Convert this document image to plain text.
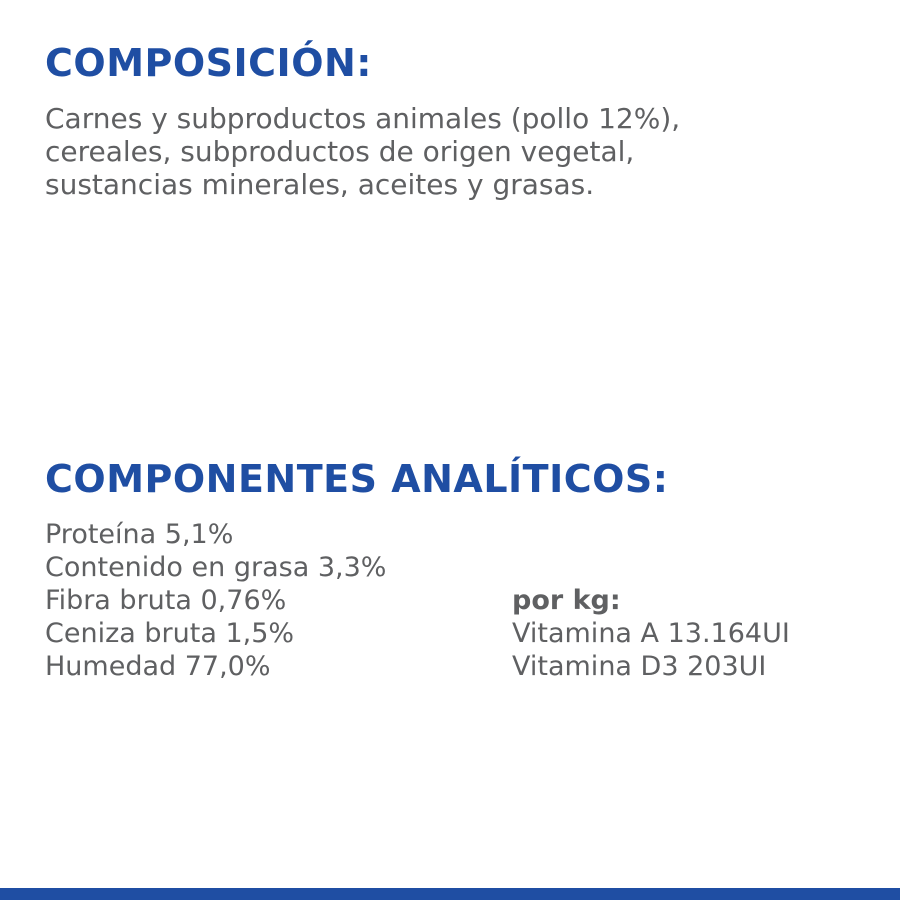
COMPOSICIÓN:

Carnes y subproductos animales (pollo 12%),
cereales, subproductos de origen vegetal,
sustancias minerales, aceites y grasas.

COMPONENTES ANALÍTICOS:
Proteína 5,1%
Contenido en grasa 3,3%
Fibra bruta 0,76%
Ceniza bruta 1,5%
Humedad 77,0%
por kg:
Vitamina A 13.164UI
Vitamina D3 203UI
